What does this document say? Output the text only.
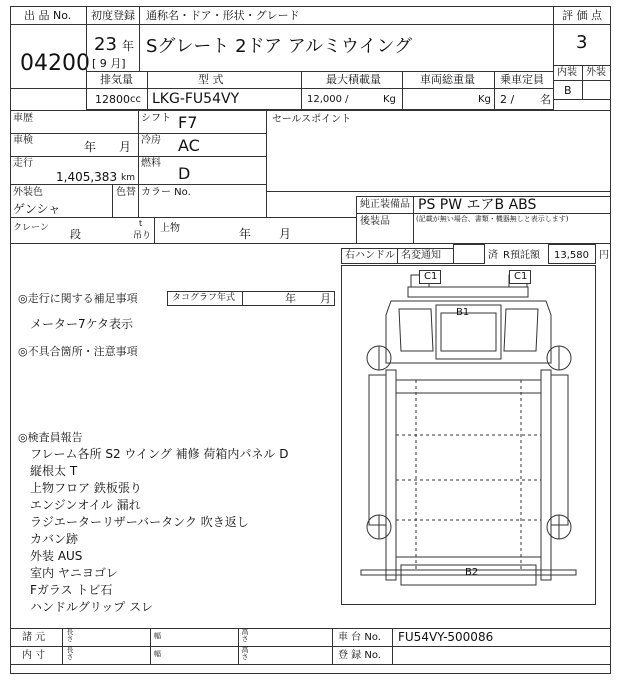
出 品 No.
04200
初度登録
23 年
[ 9 月]
通称名・ドア・形状・グレード
Sグレート 2ドア アルミウイング
評 価 点
3
内装 外装
B
排気量	型 式	最大積載量	車両総重量 乗車定員
12800 cc LKG-FU54VY	12,000 /	Kg	Kg 2 / 名
車歴	シフト F7
車検	年 月 冷房 AC
走行
1,405,383 km
燃料
D
外装色
ゲンシャ
色替 カラー No.
クレーン 段
t
吊り
上物	年 月
セールスポイント
純正装備品 PS PW エアB ABS
後装品	(記載が無い場合、書類・機器無しと表示します)
右ハンドル 名変通知	済 R預託額 13,580 円
◎走行に関する補足事項	タコグラフ年式	年 月
メーター7ケタ表示
◎不具合箇所・注意事項
◎検査員報告
フレーム各所 S2 ウイング 補修 荷箱内パネル D
縦根太 T
上物フロア 鉄板張り
エンジンオイル 漏れ
ラジエーターリザーバータンク 吹き返し
カバン跡
外装 AUS
室内 ヤニヨゴレ
Fガラス トビ石
ハンドルグリップ スレ
C1	C1
B1
B2
諸 元	長さ	幅	高さ	車 台 No. FU54VY-500086
内 寸	長さ	幅	高さ	登 録 No.
